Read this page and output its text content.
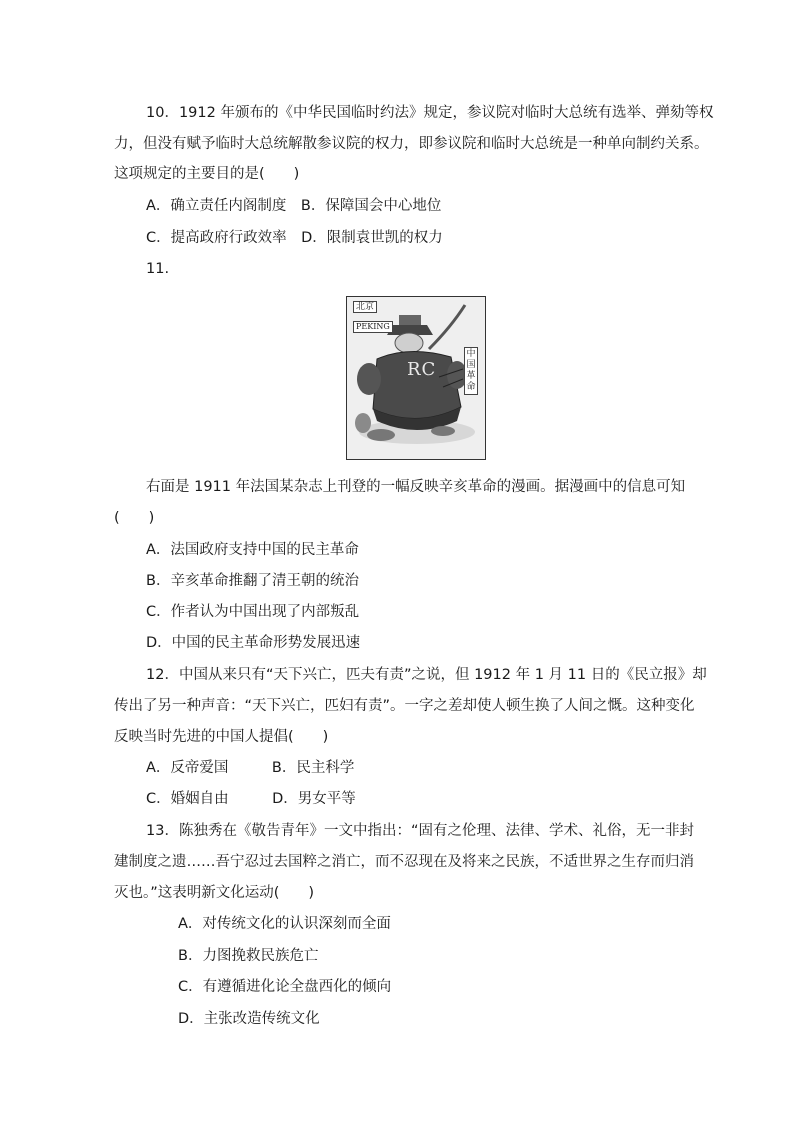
10．1912 年颁布的《中华民国临时约法》规定，参议院对临时大总统有选举、弹劾等权
力，但没有赋予临时大总统解散参议院的权力，即参议院和临时大总统是一种单向制约关系。
这项规定的主要目的是(　　)
A．确立责任内阁制度　B．保障国会中心地位
C．提高政府行政效率　D．限制袁世凯的权力
11.
北京
PEKING
RC
中国革命
右面是 1911 年法国某杂志上刊登的一幅反映辛亥革命的漫画。据漫画中的信息可知
(　　)
A．法国政府支持中国的民主革命
B．辛亥革命推翻了清王朝的统治
C．作者认为中国出现了内部叛乱
D．中国的民主革命形势发展迅速
12．中国从来只有“天下兴亡，匹夫有责”之说，但 1912 年 1 月 11 日的《民立报》却
传出了另一种声音：“天下兴亡，匹妇有责”。一字之差却使人顿生换了人间之慨。这种变化
反映当时先进的中国人提倡(　　)
A．反帝爱国　　　B．民主科学
C．婚姻自由　　　D．男女平等
13．陈独秀在《敬告青年》一文中指出：“固有之伦理、法律、学术、礼俗，无一非封
建制度之遗……吾宁忍过去国粹之消亡，而不忍现在及将来之民族，不适世界之生存而归消
灭也。”这表明新文化运动(　　)
A．对传统文化的认识深刻而全面
B．力图挽救民族危亡
C．有遵循进化论全盘西化的倾向
D．主张改造传统文化
